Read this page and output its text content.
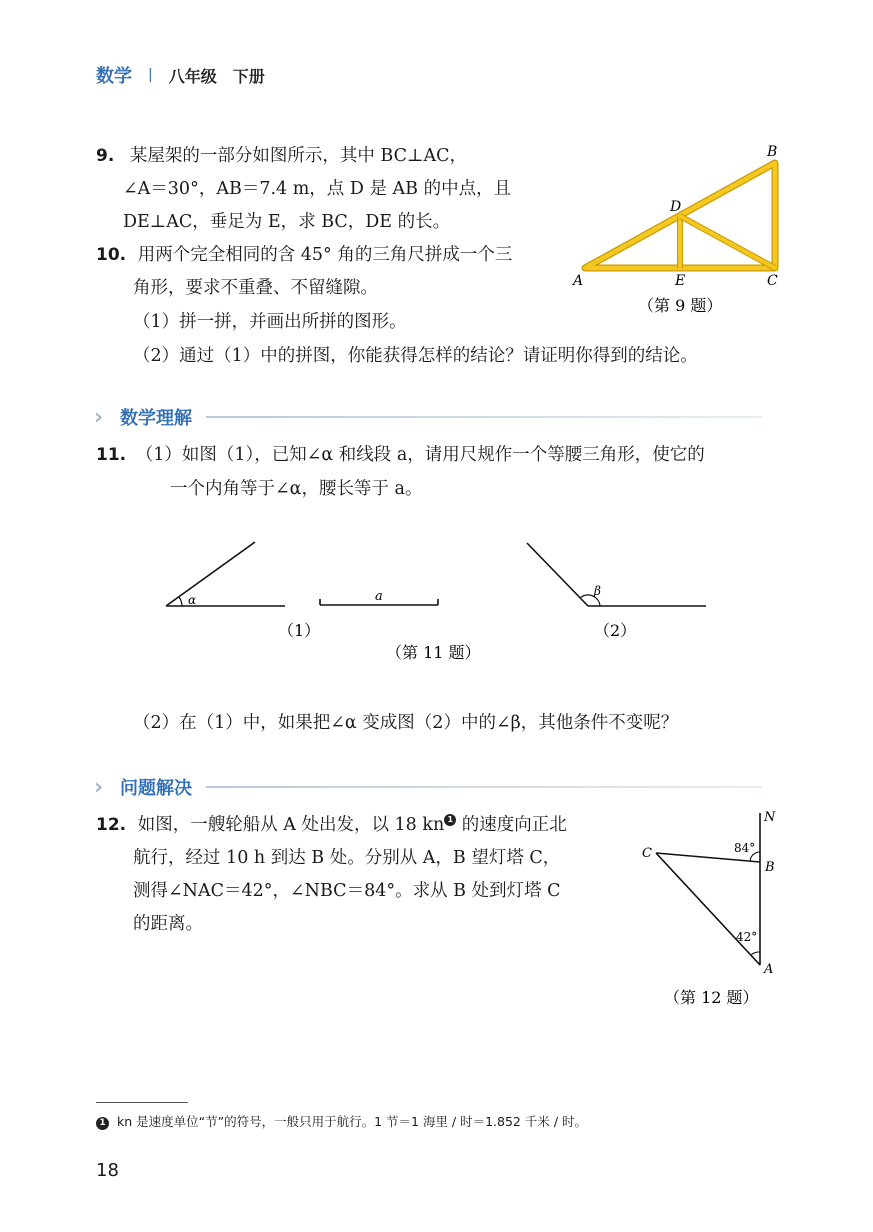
数学 | 八年级 下册
9. 某屋架的一部分如图所示，其中 BC⊥AC，
∠A＝30°，AB＝7.4 m，点 D 是 AB 的中点，且
DE⊥AC，垂足为 E，求 BC，DE 的长。
A
B
C
D
E
（第 9 题）
10. 用两个完全相同的含 45° 角的三角尺拼成一个三
角形，要求不重叠、不留缝隙。
（1）拼一拼，并画出所拼的图形。
（2）通过（1）中的拼图，你能获得怎样的结论？请证明你得到的结论。
› 数学理解
11. （1）如图（1），已知∠α 和线段 a，请用尺规作一个等腰三角形，使它的
一个内角等于∠α，腰长等于 a。
α	a	β
（1）	（2）
（第 11 题）
（2）在（1）中，如果把∠α 变成图（2）中的∠β，其他条件不变呢？
› 问题解决
12. 如图，一艘轮船从 A 处出发，以 18 kn 1 的速度向正北
航行，经过 10 h 到达 B 处。分别从 A，B 望灯塔 C，
测得∠NAC＝42°，∠NBC＝84°。求从 B 处到灯塔 C
的距离。
N
B
C
A
84°
42°
（第 12 题）
1 kn 是速度单位“节”的符号，一般只用于航行。1 节＝1 海里 / 时＝1.852 千米 / 时。
18
